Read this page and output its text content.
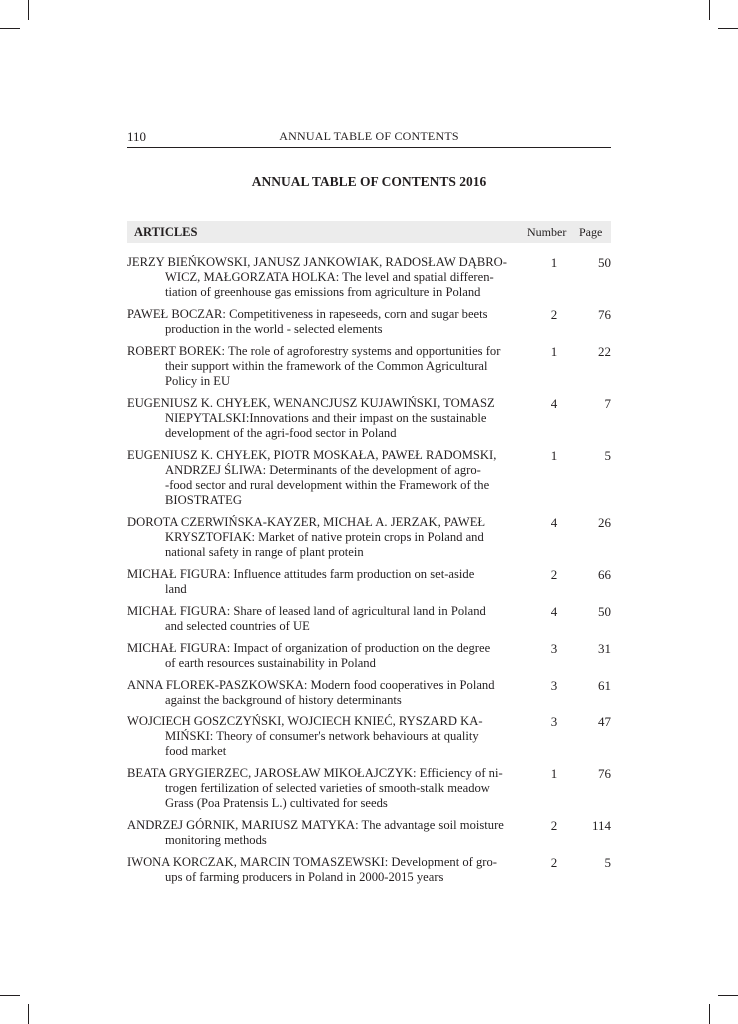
110	ANNUAL TABLE OF CONTENTS
ANNUAL TABLE OF CONTENTS 2016
ARTICLES	Number Page
JERZY BIEŃKOWSKI, JANUSZ JANKOWIAK, RADOSŁAW DĄBRO-
WICZ, MAŁGORZATA HOLKA: The level and spatial differen-
tiation of greenhouse gas emissions from agriculture in Poland
1	50
PAWEŁ BOCZAR: Competitiveness in rapeseeds, corn and sugar beets
production in the world - selected elements
2	76
ROBERT BOREK: The role of agroforestry systems and opportunities for
their support within the framework of the Common Agricultural
Policy in EU
1	22
EUGENIUSZ K. CHYŁEK, WENANCJUSZ KUJAWIŃSKI, TOMASZ
NIEPYTALSKI:Innovations and their impast on the sustainable
development of the agri-food sector in Poland
4	7
EUGENIUSZ K. CHYŁEK, PIOTR MOSKAŁA, PAWEŁ RADOMSKI,
ANDRZEJ ŚLIWA: Determinants of the development of agro-
-food sector and rural development within the Framework of the
BIOSTRATEG
1	5
DOROTA CZERWIŃSKA-KAYZER, MICHAŁ A. JERZAK, PAWEŁ
KRYSZTOFIAK: Market of native protein crops in Poland and
national safety in range of plant protein
4	26
MICHAŁ FIGURA: Influence attitudes farm production on set-aside
land
2	66
MICHAŁ FIGURA: Share of leased land of agricultural land in Poland
and selected countries of UE
4	50
MICHAŁ FIGURA: Impact of organization of production on the degree
of earth resources sustainability in Poland
3	31
ANNA FLOREK-PASZKOWSKA: Modern food cooperatives in Poland
against the background of history determinants
3	61
WOJCIECH GOSZCZYŃSKI, WOJCIECH KNIEĆ, RYSZARD KA-
MIŃSKI: Theory of consumer's network behaviours at quality
food market
3	47
BEATA GRYGIERZEC, JAROSŁAW MIKOŁAJCZYK: Efficiency of ni-
trogen fertilization of selected varieties of smooth-stalk meadow
Grass (Poa Pratensis L.) cultivated for seeds
1	76
ANDRZEJ GÓRNIK, MARIUSZ MATYKA: The advantage soil moisture
monitoring methods
2	114
IWONA KORCZAK, MARCIN TOMASZEWSKI: Development of gro-
ups of farming producers in Poland in 2000-2015 years
2	5
